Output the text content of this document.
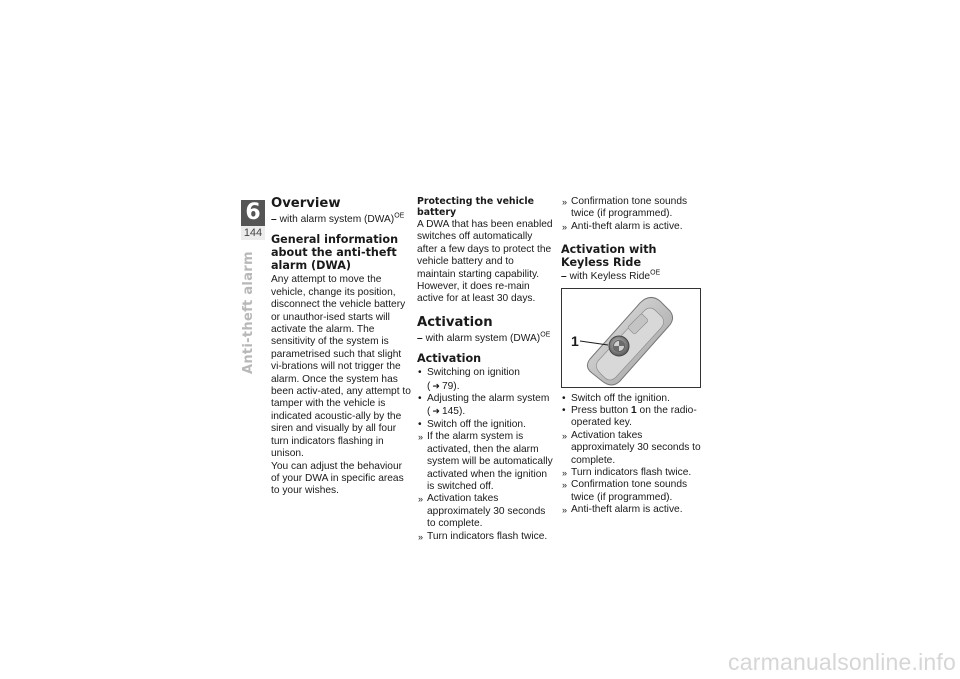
6
144
Anti-theft alarm
Overview

– with alarm system (DWA)$^{OE}$

General information about the anti-theft alarm (DWA)

Any attempt to move the vehicle, change its position, disconnect the vehicle battery or unauthor-ised starts will activate the alarm. The sensitivity of the system is parametrised such that slight vi-brations will not trigger the alarm. Once the system has been activ-ated, any attempt to tamper with the vehicle is indicated acoustic-ally by the siren and visually by all four turn indicators flashing in unison.

You can adjust the behaviour of your DWA in specific areas to your wishes.

Protecting the vehicle battery

A DWA that has been enabled switches off automatically after a few days to protect the vehicle battery and to maintain starting capability. However, it does re-main active for at least 30 days.

Activation

– with alarm system (DWA)$^{OE}$

Activation
• Switching on ignition ( ➜ 79).
• Adjusting the alarm system ( ➜ 145).
• Switch off the ignition.
» If the alarm system is activated, then the alarm system will be automatically activated when the ignition is switched off.
» Activation takes approximately 30 seconds to complete.
» Turn indicators flash twice.
» Confirmation tone sounds twice (if programmed).
» Anti-theft alarm is active.
Activation with Keyless Ride

– with Keyless Ride$^{OE}$

1
• Switch off the ignition.
• Press button 1 on the radio-operated key.
» Activation takes approximately 30 seconds to complete.
» Turn indicators flash twice.
» Confirmation tone sounds twice (if programmed).
» Anti-theft alarm is active.
carmanualsonline.info
